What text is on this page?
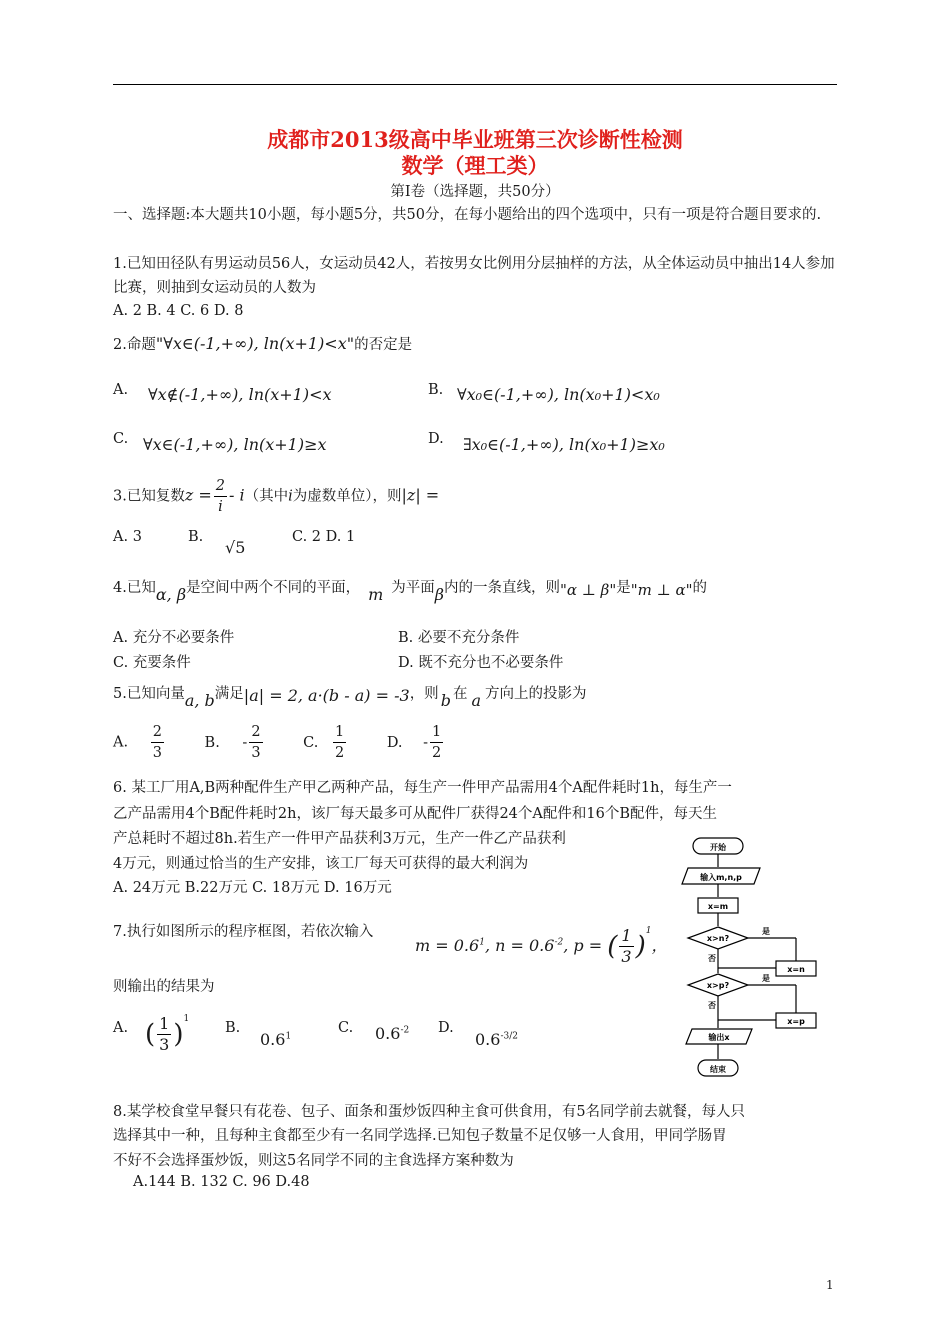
成都市2013级高中毕业班第三次诊断性检测
数学（理工类）
第Ⅰ卷（选择题，共50分）
一、选择题:本大题共10小题，每小题5分，共50分，在每小题给出的四个选项中，只有一项是符合题目要求的.
1.已知田径队有男运动员56人，女运动员42人，若按男女比例用分层抽样的方法，从全体运动员中抽出14人参加比赛，则抽到女运动员的人数为
A. 2 B. 4 C. 6 D. 8
2.命题"∀x∈(-1,+∞), ln(x+1)<x"的否定是
A. ∀x∉(-1,+∞), ln(x+1)<x	B. ∀x₀∈(-1,+∞), ln(x₀+1)<x₀
C. ∀x∈(-1,+∞), ln(x+1)≥x	D. ∃x₀∈(-1,+∞), ln(x₀+1)≥x₀
3.已知复数$z = \frac{2}{i} - i$（其中i为虚数单位），则|z| =
A. 3	B.
√5
C. 2 D. 1
4.已知α, β是空间中两个不同的平面， m 为平面β内的一条直线，则"α ⊥ β"是"m ⊥ α"的
A. 充分不必要条件	B. 必要不充分条件
C. 充要条件	D. 既不充分也不必要条件
5.已知向量a, b满足|a| = 2, a·(b - a) = -3，则 b 在 a 方向上的投影为
A. $\frac{2}{3}$	B. - $\frac{2}{3}$	C. $\frac{1}{2}$	D. - $\frac{1}{2}$
6. 某工厂用A,B两种配件生产甲乙两种产品，每生产一件甲产品需用4个A配件耗时1h，每生产一
乙产品需用4个B配件耗时2h，该厂每天最多可从配件厂获得24个A配件和16个B配件，每天生
产总耗时不超过8h.若生产一件甲产品获利3万元，生产一件乙产品获利
4万元，则通过恰当的生产安排，该工厂每天可获得的最大利润为
A. 24万元 B.22万元 C. 18万元 D. 16万元
7.执行如图所示的程序框图，若依次输入
$m = 0.6^1$, $n = 0.6^{-2}$, p = ( $\frac{1}{3} )^1$，
则输出的结果为
A. ( $\frac{1}{3} )^1$
B.
$0.6^1$
C. $0.6^{-2}$ D.
$0.6^{-3/2}$
开始
输入m,n,p
x=m
x>n?
是
否
x=n
x>p?
是
否
x=p
输出x
结束
8.某学校食堂早餐只有花卷、包子、面条和蛋炒饭四种主食可供食用，有5名同学前去就餐，每人只
选择其中一种，且每种主食都至少有一名同学选择.已知包子数量不足仅够一人食用，甲同学肠胃
不好不会选择蛋炒饭，则这5名同学不同的主食选择方案种数为
A.144 B. 132 C. 96 D.48
1
